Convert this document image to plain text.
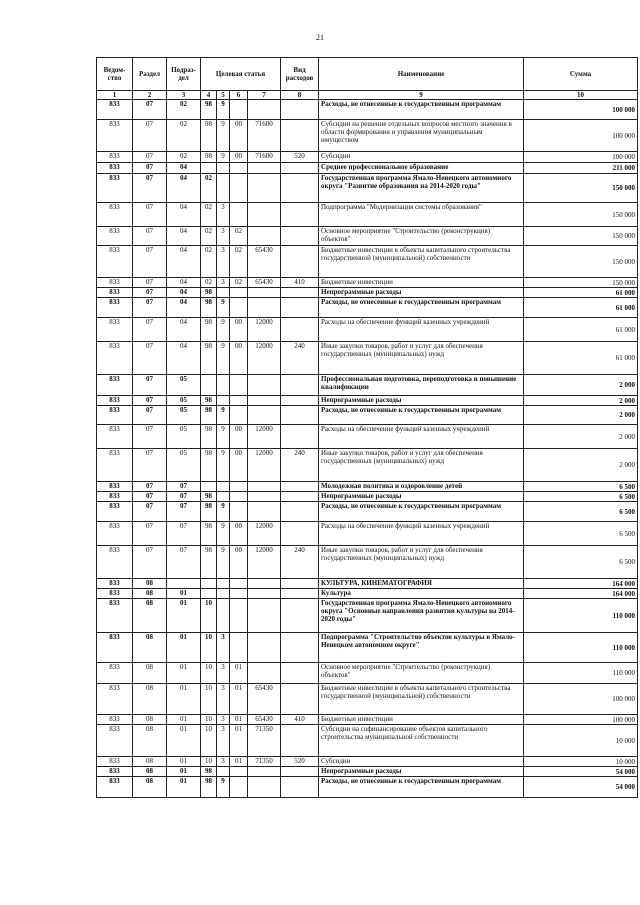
21
Ведом-ство	Раздел	Подраз-дел	Целевая статья				Вид расходов	Наименование	Сумма
1	2	3	4	5	6	7	8	9	10
833	07	02	98	9				Расходы, не отнесенные к государственным программам	100 000
833	07	02	98	9	00	71600		Субсидии на решение отдельных вопросов местного значения в области формирования и управления муниципальным имуществом	100 000
833	07	02	98	9	00	71600	520	Субсидии	100 000
833	07	04						Среднее профессиональное образование	211 000
833	07	04	02					Государственная программа Ямало-Ненецкого автономного округа "Развитие образования на 2014-2020 годы"	150 000
833	07	04	02	3				Подпрограмма "Модернизация системы образования"	150 000
833	07	04	02	3	02			Основное мероприятие "Строительство (реконструкция) объектов"	150 000
833	07	04	02	3	02	65430		Бюджетные инвестиции в объекты капитального строительства государственной (муниципальной) собственности	150 000
833	07	04	02	3	02	65430	410	Бюджетные инвестиции	150 000
833	07	04	98					Непрограммные расходы	61 000
833	07	04	98	9				Расходы, не отнесенные к государственным программам	61 000
833	07	04	98	9	00	12000		Расходы на обеспечение функций казенных учреждений	61 000
833	07	04	98	9	00	12000	240	Иные закупки товаров, работ и услуг для обеспечения государственных (муниципальных) нужд	61 000
833	07	05						Профессиональная подготовка, переподготовка и повышение квалификации	2 000
833	07	05	98					Непрограммные расходы	2 000
833	07	05	98	9				Расходы, не отнесенные к государственным программам	2 000
833	07	05	98	9	00	12000		Расходы на обеспечение функций казенных учреждений	2 000
833	07	05	98	9	00	12000	240	Иные закупки товаров, работ и услуг для обеспечения государственных (муниципальных) нужд	2 000
833	07	07						Молодежная политика и оздоровление детей	6 500
833	07	07	98					Непрограммные расходы	6 500
833	07	07	98	9				Расходы, не отнесенные к государственным программам	6 500
833	07	07	98	9	00	12000		Расходы на обеспечение функций казенных учреждений	6 500
833	07	07	98	9	00	12000	240	Иные закупки товаров, работ и услуг для обеспечения государственных (муниципальных) нужд	6 500
833	08							КУЛЬТУРА, КИНЕМАТОГРАФИЯ	164 000
833	08	01						Культура	164 000
833	08	01	10					Государственная программа Ямало-Ненецкого автономного округа "Основные направления развития культуры на 2014-2020 годы"	110 000
833	08	01	10	3				Подпрограмма "Строительство объектов культуры в Ямало-Ненецком автономном округе"	110 000
833	08	01	10	3	01			Основное мероприятие "Строительство (реконструкция) объектов"	110 000
833	08	01	10	3	01	65430		Бюджетные инвестиции в объекты капитального строительства государственной (муниципальной) собственности	100 000
833	08	01	10	3	01	65430	410	Бюджетные инвестиции	100 000
833	08	01	10	3	01	71350		Субсидии на софинансирование объектов капитального строительства муниципальной собственности	10 000
833	08	01	10	3	01	71350	520	Субсидии	10 000
833	08	01	98					Непрограммные расходы	54 000
833	08	01	98	9				Расходы, не отнесенные к государственным программам	54 000
